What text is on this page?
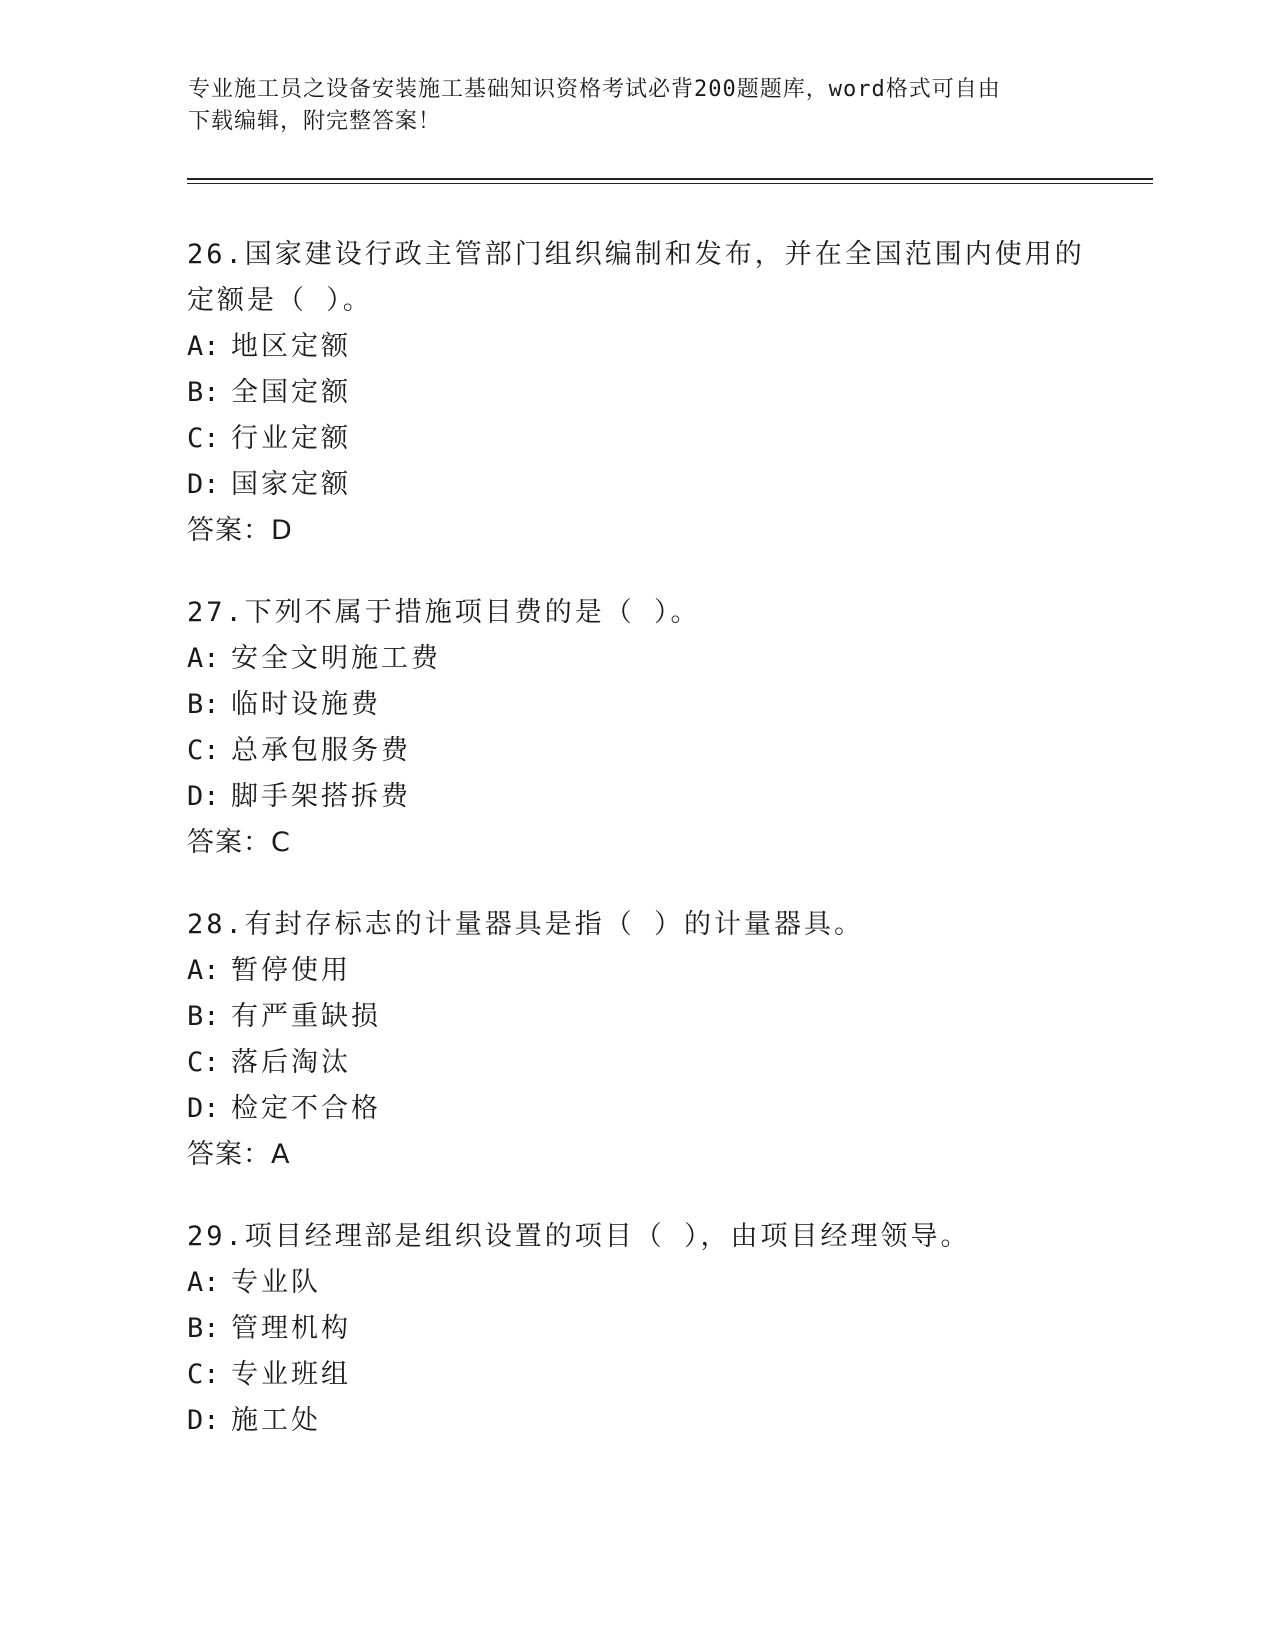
专业施工员之设备安装施工基础知识资格考试必背200题题库，word格式可自由
下载编辑，附完整答案！
26.国家建设行政主管部门组织编制和发布，并在全国范围内使用的定额是（ ）。
A: 地区定额
B: 全国定额
C: 行业定额
D: 国家定额
答案：D
27.下列不属于措施项目费的是（ ）。
A: 安全文明施工费
B: 临时设施费
C: 总承包服务费
D: 脚手架搭拆费
答案：C
28.有封存标志的计量器具是指（ ）的计量器具。
A: 暂停使用
B: 有严重缺损
C: 落后淘汰
D: 检定不合格
答案：A
29.项目经理部是组织设置的项目（ ），由项目经理领导。
A: 专业队
B: 管理机构
C: 专业班组
D: 施工处
